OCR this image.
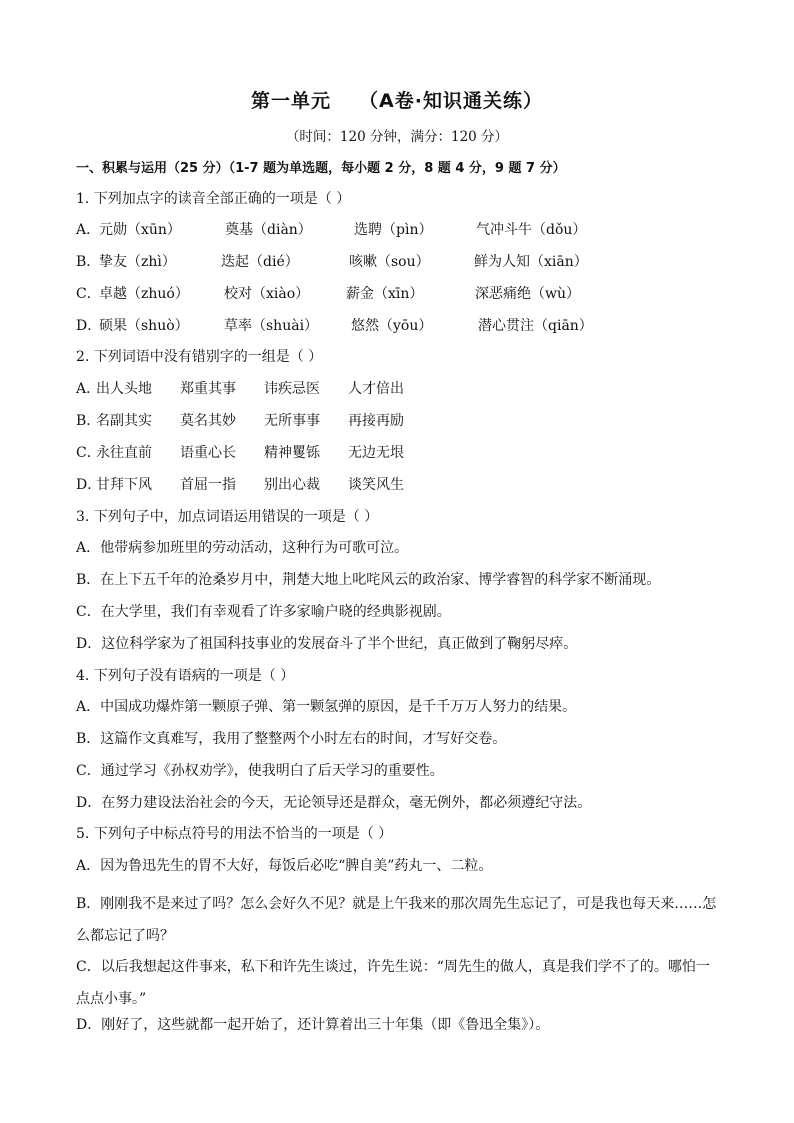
第一单元 （A卷·知识通关练）
（时间：120 分钟，满分：120 分）
一、积累与运用（25 分）（1-7 题为单选题，每小题 2 分，8 题 4 分，9 题 7 分）
1. 下列加点字的读音全部正确的一项是（ ）
A．
元勋（xūn）	奠基（diàn）	选聘（pìn）	气冲斗牛（dǒu）
B．
挚友（zhì）	迭起（dié）	咳嗽（sou）	鲜为人知（xiān）
C．
卓越（zhuó）	校对（xiào）	薪金（xīn）	深恶痛绝（wù）
D．
硕果（shuò）	草率（shuài） 悠然（yōu）	潜心贯注（qiān）
2. 下列词语中没有错别字的一组是（ ）
A．
出人头地 郑重其事 讳疾忌医 人才倍出
B．
名副其实 莫名其妙 无所事事 再接再励
C．
永往直前 语重心长 精神矍铄 无边无垠
D．
甘拜下风 首屈一指 别出心裁 谈笑风生
3. 下列句子中，加点词语运用错误的一项是（ ）
A．他带病参加班里的劳动活动，这种行为可歌可泣。
B．在上下五千年的沧桑岁月中，荆楚大地上叱咤风云的政治家、博学睿智的科学家不断涌现。
C．在大学里，我们有幸观看了许多家喻户晓的经典影视剧。
D．这位科学家为了祖国科技事业的发展奋斗了半个世纪，真正做到了鞠躬尽瘁。
4. 下列句子没有语病的一项是（ ）
A．中国成功爆炸第一颗原子弹、第一颗氢弹的原因，是千千万万人努力的结果。
B．这篇作文真难写，我用了整整两个小时左右的时间，才写好交卷。
C．通过学习《孙权劝学》，使我明白了后天学习的重要性。
D．在努力建设法治社会的今天，无论领导还是群众，毫无例外，都必须遵纪守法。
5. 下列句子中标点符号的用法不恰当的一项是（ ）
A．因为鲁迅先生的胃不大好，每饭后必吃“脾自美”药丸一、二粒。
B．刚刚我不是来过了吗？怎么会好久不见？就是上午我来的那次周先生忘记了，可是我也每天来……怎么都忘记了吗？
C．以后我想起这件事来，私下和许先生谈过，许先生说：“周先生的做人，真是我们学不了的。哪怕一点点小事。”
D．刚好了，这些就都一起开始了，还计算着出三十年集（即《鲁迅全集》）。
